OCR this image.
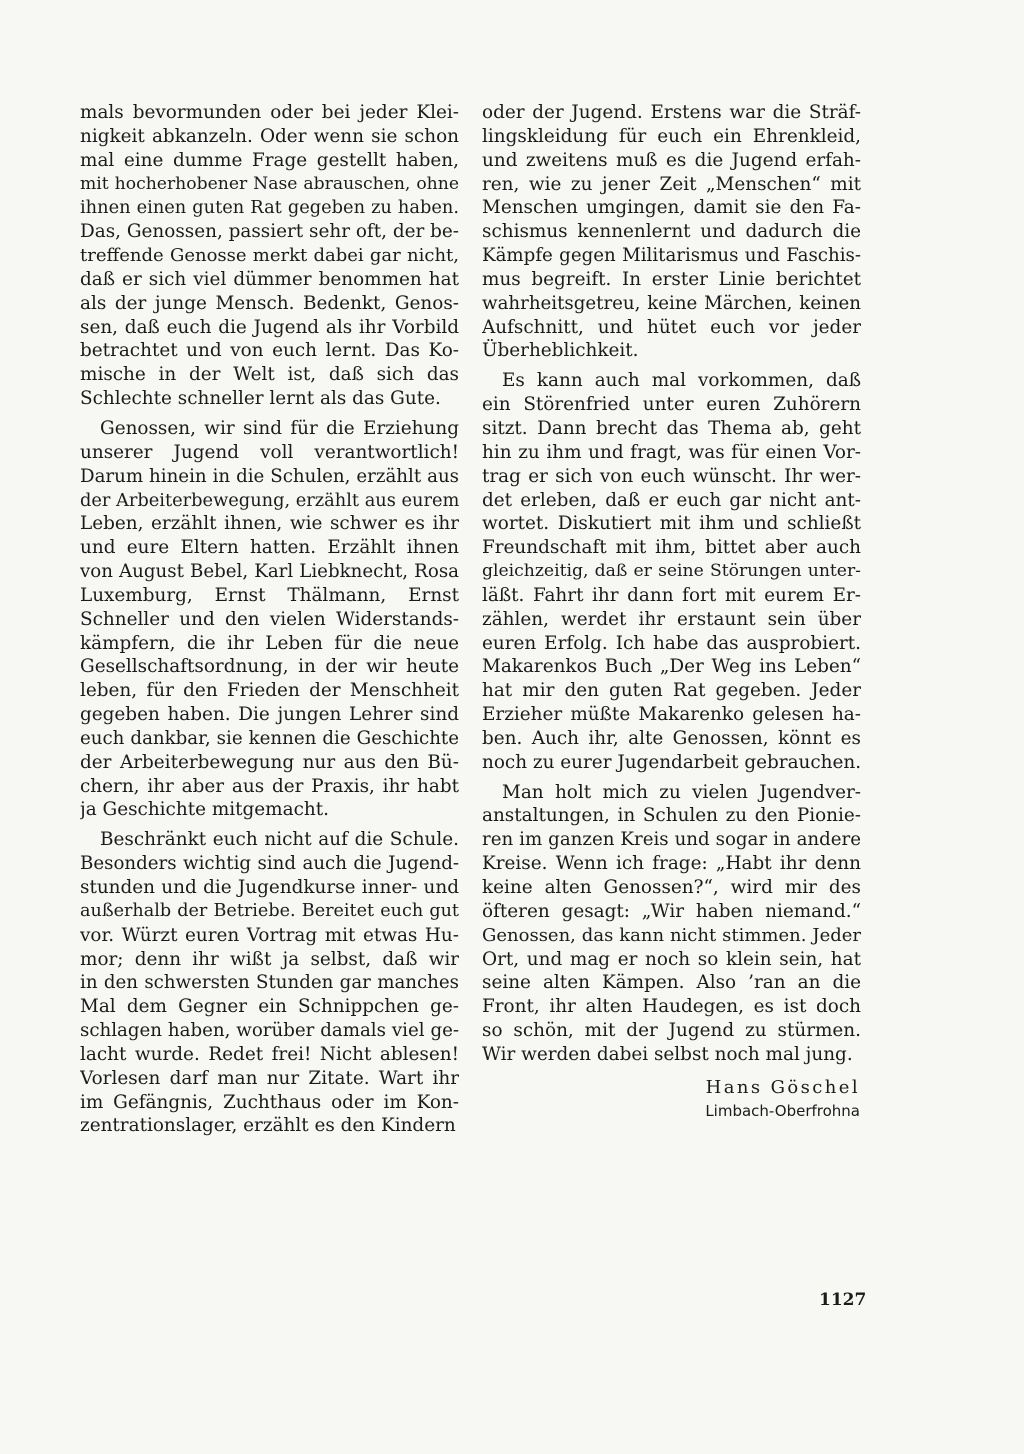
mals bevormunden oder bei jeder Klei-
nigkeit abkanzeln. Oder wenn sie schon
mal eine dumme Frage gestellt haben,
mit hocherhobener Nase abrauschen, ohne
ihnen einen guten Rat gegeben zu haben.
Das, Genossen, passiert sehr oft, der be-
treffende Genosse merkt dabei gar nicht,
daß er sich viel dümmer benommen hat
als der junge Mensch. Bedenkt, Genos-
sen, daß euch die Jugend als ihr Vorbild
betrachtet und von euch lernt. Das Ko-
mische in der Welt ist, daß sich das
Schlechte schneller lernt als das Gute.

Genossen, wir sind für die Erziehung
unserer Jugend voll verantwortlich!
Darum hinein in die Schulen, erzählt aus
der Arbeiterbewegung, erzählt aus eurem
Leben, erzählt ihnen, wie schwer es ihr
und eure Eltern hatten. Erzählt ihnen
von August Bebel, Karl Liebknecht, Rosa
Luxemburg, Ernst Thälmann, Ernst
Schneller und den vielen Widerstands-
kämpfern, die ihr Leben für die neue
Gesellschaftsordnung, in der wir heute
leben, für den Frieden der Menschheit
gegeben haben. Die jungen Lehrer sind
euch dankbar, sie kennen die Geschichte
der Arbeiterbewegung nur aus den Bü-
chern, ihr aber aus der Praxis, ihr habt
ja Geschichte mitgemacht.

Beschränkt euch nicht auf die Schule.
Besonders wichtig sind auch die Jugend-
stunden und die Jugendkurse inner- und
außerhalb der Betriebe. Bereitet euch gut
vor. Würzt euren Vortrag mit etwas Hu-
mor; denn ihr wißt ja selbst, daß wir
in den schwersten Stunden gar manches
Mal dem Gegner ein Schnippchen ge-
schlagen haben, worüber damals viel ge-
lacht wurde. Redet frei! Nicht ablesen!
Vorlesen darf man nur Zitate. Wart ihr
im Gefängnis, Zuchthaus oder im Kon-
zentrationslager, erzählt es den Kindern

oder der Jugend. Erstens war die Sträf-
lingskleidung für euch ein Ehrenkleid,
und zweitens muß es die Jugend erfah-
ren, wie zu jener Zeit „Menschen“ mit
Menschen umgingen, damit sie den Fa-
schismus kennenlernt und dadurch die
Kämpfe gegen Militarismus und Faschis-
mus begreift. In erster Linie berichtet
wahrheitsgetreu, keine Märchen, keinen
Aufschnitt, und hütet euch vor jeder
Überheblichkeit.

Es kann auch mal vorkommen, daß
ein Störenfried unter euren Zuhörern
sitzt. Dann brecht das Thema ab, geht
hin zu ihm und fragt, was für einen Vor-
trag er sich von euch wünscht. Ihr wer-
det erleben, daß er euch gar nicht ant-
wortet. Diskutiert mit ihm und schließt
Freundschaft mit ihm, bittet aber auch
gleichzeitig, daß er seine Störungen unter-
läßt. Fahrt ihr dann fort mit eurem Er-
zählen, werdet ihr erstaunt sein über
euren Erfolg. Ich habe das ausprobiert.
Makarenkos Buch „Der Weg ins Leben“
hat mir den guten Rat gegeben. Jeder
Erzieher müßte Makarenko gelesen ha-
ben. Auch ihr, alte Genossen, könnt es
noch zu eurer Jugendarbeit gebrauchen.

Man holt mich zu vielen Jugendver-
anstaltungen, in Schulen zu den Pionie-
ren im ganzen Kreis und sogar in andere
Kreise. Wenn ich frage: „Habt ihr denn
keine alten Genossen?“, wird mir des
öfteren gesagt: „Wir haben niemand.“
Genossen, das kann nicht stimmen. Jeder
Ort, und mag er noch so klein sein, hat
seine alten Kämpen. Also ’ran an die
Front, ihr alten Haudegen, es ist doch
so schön, mit der Jugend zu stürmen.
Wir werden dabei selbst noch mal jung.

Hans Göschel
Limbach-Oberfrohna
1127
